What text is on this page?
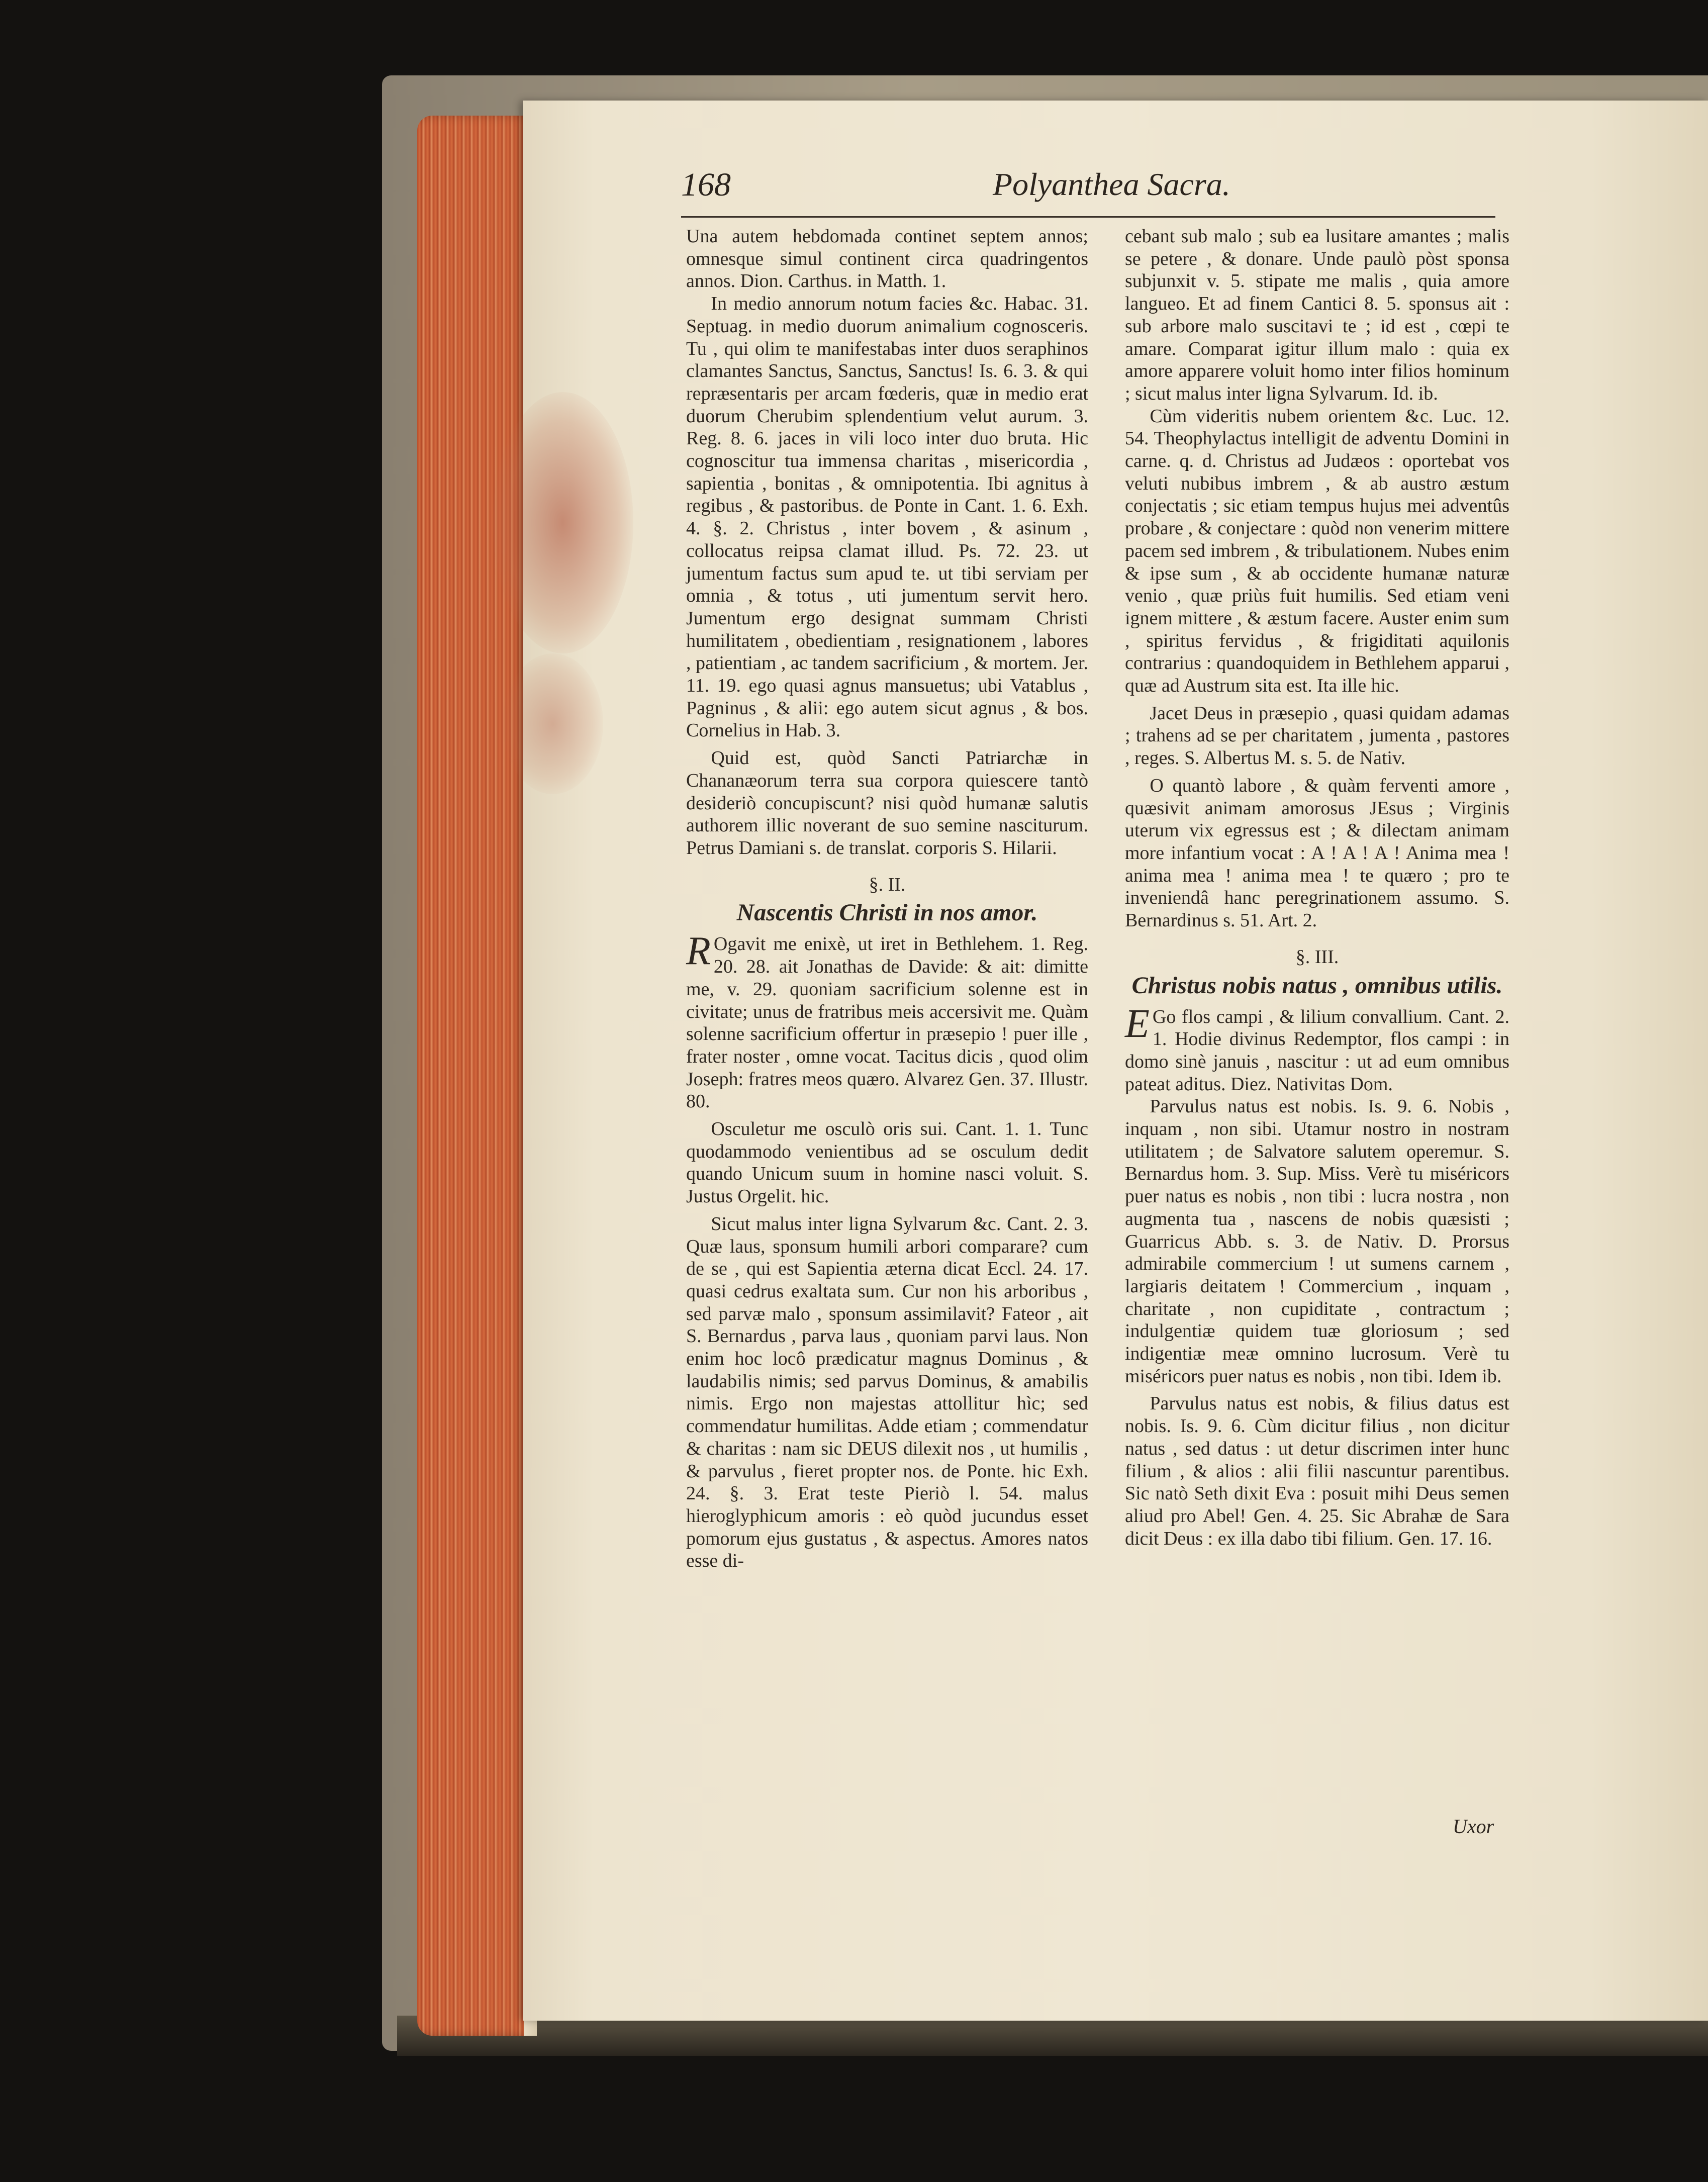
168	Polyanthea Sacra.

Una autem hebdomada continet septem annos; omnesque simul continent circa quadringentos annos. Dion. Carthus. in Matth. 1.

In medio annorum notum facies &c. Habac. 31. Septuag. in medio duorum animalium cognosceris. Tu , qui olim te manifestabas inter duos seraphinos clamantes Sanctus, Sanctus, Sanctus! Is. 6. 3. & qui repræsentaris per arcam fœderis, quæ in medio erat duorum Cherubim splendentium velut aurum. 3. Reg. 8. 6. jaces in vili loco inter duo bruta. Hic cognoscitur tua immensa charitas , misericordia , sapientia , bonitas , & omnipotentia. Ibi agnitus à regibus , & pastoribus. de Ponte in Cant. 1. 6. Exh. 4. §. 2. Christus , inter bovem , & asinum , collocatus reipsa clamat illud. Ps. 72. 23. ut jumentum factus sum apud te. ut tibi serviam per omnia , & totus , uti jumentum servit hero. Jumentum ergo designat summam Christi humilitatem , obedientiam , resignationem , labores , patientiam , ac tandem sacrificium , & mortem. Jer. 11. 19. ego quasi agnus mansuetus; ubi Vatablus , Pagninus , & alii: ego autem sicut agnus , & bos. Cornelius in Hab. 3.

Quid est, quòd Sancti Patriarchæ in Chananæorum terra sua corpora quiescere tantò desideriò concupiscunt? nisi quòd humanæ salutis authorem illic noverant de suo semine nasciturum. Petrus Damiani s. de translat. corporis S. Hilarii.

§. II.
Nascentis Christi in nos amor.

R Ogavit me enixè, ut iret in Bethlehem. 1. Reg. 20. 28. ait Jonathas de Davide: & ait: dimitte me, v. 29. quoniam sacrificium solenne est in civitate; unus de fratribus meis accersivit me. Quàm solenne sacrificium offertur in præsepio ! puer ille , frater noster , omne vocat. Tacitus dicis , quod olim Joseph: fratres meos quæro. Alvarez Gen. 37. Illustr. 80.

Osculetur me osculò oris sui. Cant. 1. 1. Tunc quodammodo venientibus ad se osculum dedit quando Unicum suum in homine nasci voluit. S. Justus Orgelit. hic.

Sicut malus inter ligna Sylvarum &c. Cant. 2. 3. Quæ laus, sponsum humili arbori comparare? cum de se , qui est Sapientia æterna dicat Eccl. 24. 17. quasi cedrus exaltata sum. Cur non his arboribus , sed parvæ malo , sponsum assimilavit? Fateor , ait S. Bernardus , parva laus , quoniam parvi laus. Non enim hoc locô prædicatur magnus Dominus , & laudabilis nimis; sed parvus Dominus, & amabilis nimis. Ergo non majestas attollitur hìc; sed commendatur humilitas. Adde etiam ; commendatur & charitas : nam sic DEUS dilexit nos , ut humilis , & parvulus , fieret propter nos. de Ponte. hic Exh. 24. §. 3. Erat teste Pieriò l. 54. malus hieroglyphicum amoris : eò quòd jucundus esset pomorum ejus gustatus , & aspectus. Amores natos esse di-

cebant sub malo ; sub ea lusitare amantes ; malis se petere , & donare. Unde paulò pòst sponsa subjunxit v. 5. stipate me malis , quia amore langueo. Et ad finem Cantici 8. 5. sponsus ait : sub arbore malo suscitavi te ; id est , cœpi te amare. Comparat igitur illum malo : quia ex amore apparere voluit homo inter filios hominum ; sicut malus inter ligna Sylvarum. Id. ib.

Cùm videritis nubem orientem &c. Luc. 12. 54. Theophylactus intelligit de adventu Domini in carne. q. d. Christus ad Judæos : oportebat vos veluti nubibus imbrem , & ab austro æstum conjectatis ; sic etiam tempus hujus mei adventûs probare , & conjectare : quòd non venerim mittere pacem sed imbrem , & tribulationem. Nubes enim & ipse sum , & ab occidente humanæ naturæ venio , quæ priùs fuit humilis. Sed etiam veni ignem mittere , & æstum facere. Auster enim sum , spiritus fervidus , & frigiditati aquilonis contrarius : quandoquidem in Bethlehem apparui , quæ ad Austrum sita est. Ita ille hic.

Jacet Deus in præsepio , quasi quidam adamas ; trahens ad se per charitatem , jumenta , pastores , reges. S. Albertus M. s. 5. de Nativ.

O quantò labore , & quàm ferventi amore , quæsivit animam amorosus JEsus ; Virginis uterum vix egressus est ; & dilectam animam more infantium vocat : A ! A ! A ! Anima mea ! anima mea ! anima mea ! te quæro ; pro te inveniendâ hanc peregrinationem assumo. S. Bernardinus s. 51. Art. 2.

§. III.
Christus nobis natus , omnibus utilis.

E Go flos campi , & lilium convallium. Cant. 2. 1. Hodie divinus Redemptor, flos campi : in domo sinè januis , nascitur : ut ad eum omnibus pateat aditus. Diez. Nativitas Dom.

Parvulus natus est nobis. Is. 9. 6. Nobis , inquam , non sibi. Utamur nostro in nostram utilitatem ; de Salvatore salutem operemur. S. Bernardus hom. 3. Sup. Miss. Verè tu miséricors puer natus es nobis , non tibi : lucra nostra , non augmenta tua , nascens de nobis quæsisti ; Guarricus Abb. s. 3. de Nativ. D. Prorsus admirabile commercium ! ut sumens carnem , largiaris deitatem ! Commercium , inquam , charitate , non cupiditate , contractum ; indulgentiæ quidem tuæ gloriosum ; sed indigentiæ meæ omnino lucrosum. Verè tu miséricors puer natus es nobis , non tibi. Idem ib.

Parvulus natus est nobis, & filius datus est nobis. Is. 9. 6. Cùm dicitur filius , non dicitur natus , sed datus : ut detur discrimen inter hunc filium , & alios : alii filii nascuntur parentibus. Sic natò Seth dixit Eva : posuit mihi Deus semen aliud pro Abel! Gen. 4. 25. Sic Abrahæ de Sara dicit Deus : ex illa dabo tibi filium. Gen. 17. 16.

Uxor
